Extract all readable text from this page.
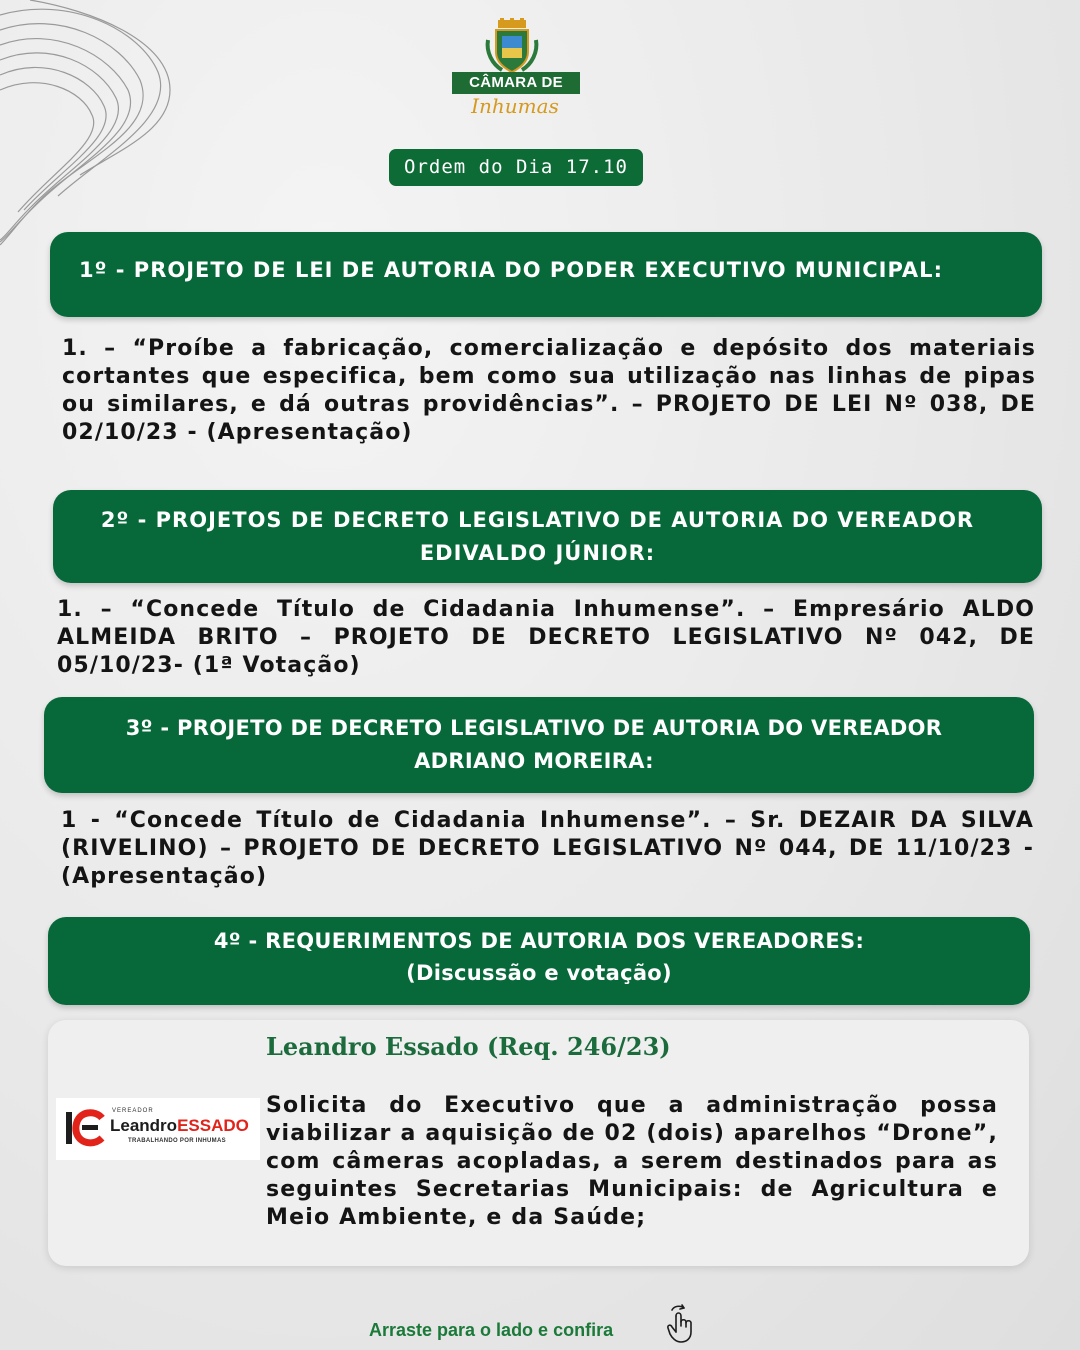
CÂMARA DE
Inhumas
Ordem do Dia 17.10
1º - PROJETO DE LEI DE AUTORIA DO PODER EXECUTIVO MUNICIPAL:
1. – “Proíbe a fabricação, comercialização e depósito dos materiais cortantes que especifica, bem como sua utilização nas linhas de pipas ou similares, e dá outras providências”. – PROJETO DE LEI Nº 038, DE 02/10/23 - (Apresentação)
2º - PROJETOS DE DECRETO LEGISLATIVO DE AUTORIA DO VEREADOR
EDIVALDO JÚNIOR:
1. – “Concede Título de Cidadania Inhumense”. – Empresário ALDO ALMEIDA BRITO – PROJETO DE DECRETO LEGISLATIVO Nº 042, DE 05/10/23- (1ª Votação)
3º - PROJETO DE DECRETO LEGISLATIVO DE AUTORIA DO VEREADOR
ADRIANO MOREIRA:
1 - “Concede Título de Cidadania Inhumense”. – Sr. DEZAIR DA SILVA (RIVELINO) – PROJETO DE DECRETO LEGISLATIVO Nº 044, DE 11/10/23 - (Apresentação)
4º - REQUERIMENTOS DE AUTORIA DOS VEREADORES:
(Discussão e votação)
VEREADOR
LeandroESSADO
TRABALHANDO POR INHUMAS
Leandro Essado (Req. 246/23)
Solicita do Executivo que a administração possa viabilizar a aquisição de 02 (dois) aparelhos “Drone”, com câmeras acopladas, a serem destinados para as seguintes Secretarias Municipais: de Agricultura e Meio Ambiente, e da Saúde;
Arraste para o lado e confira
